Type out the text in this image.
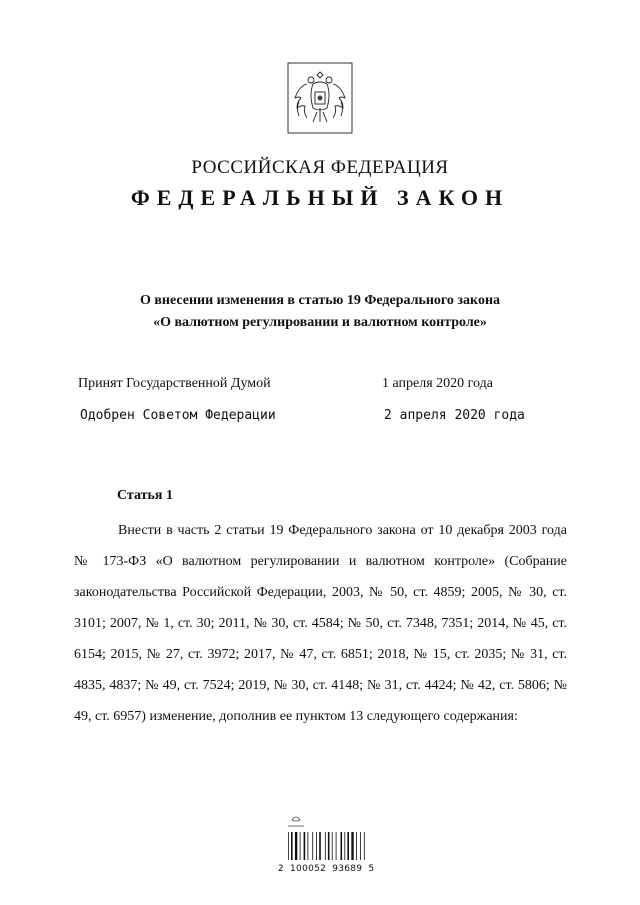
РОССИЙСКАЯ ФЕДЕРАЦИЯ
ФЕДЕРАЛЬНЫЙ ЗАКОН
О внесении изменения в статью 19 Федерального закона
«О валютном регулировании и валютном контроле»
Принят Государственной Думой	1 апреля 2020 года
Одобрен Советом Федерации	2 апреля 2020 года
Статья 1

Внести в часть 2 статьи 19 Федерального закона от 10 декабря 2003 года № 173-ФЗ «О валютном регулировании и валютном контроле» (Собрание законодательства Российской Федерации, 2003, № 50, ст. 4859; 2005, № 30, ст. 3101; 2007, № 1, ст. 30; 2011, № 30, ст. 4584; № 50, ст. 7348, 7351; 2014, № 45, ст. 6154; 2015, № 27, ст. 3972; 2017, № 47, ст. 6851; 2018, № 15, ст. 2035; № 31, ст. 4835, 4837; № 49, ст. 7524; 2019, № 30, ст. 4148; № 31, ст. 4424; № 42, ст. 5806; № 49, ст. 6957) изменение, дополнив ее пунктом 13 следующего содержания:

2 100052 93689 5
